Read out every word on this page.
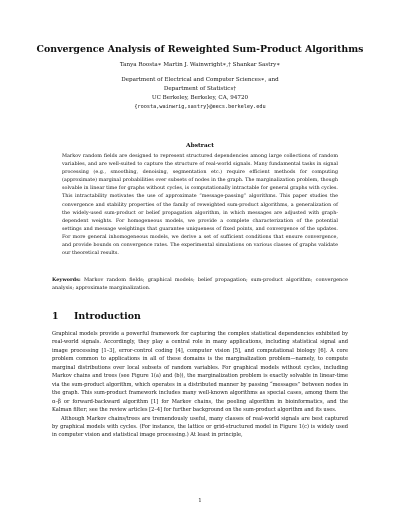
Convergence Analysis of Reweighted Sum-Product Algorithms
Tanya Roosta∗ Martin J. Wainwright∗,† Shankar Sastry∗
Department of Electrical and Computer Sciences∗, and
Department of Statistics†
UC Berkeley, Berkeley, CA, 94720
{roosta,wainwrig,sastry}@eecs.berkeley.edu
Abstract
Markov random fields are designed to represent structured dependencies among large collections of random variables, and are well-suited to capture the structure of real-world signals. Many fundamental tasks in signal processing (e.g., smoothing, denoising, segmentation etc.) require efficient methods for computing (approximate) marginal probabilities over subsets of nodes in the graph. The marginalization problem, though solvable in linear time for graphs without cycles, is computationally intractable for general graphs with cycles. This intractability motivates the use of approximate “message-passing” algorithms. This paper studies the convergence and stability properties of the family of reweighted sum-product algorithms, a generalization of the widely-used sum-product or belief propagation algorithm, in which messages are adjusted with graph-dependent weights. For homogeneous models, we provide a complete characterization of the potential settings and message weightings that guarantee uniqueness of fixed points, and convergence of the updates. For more general inhomogeneous models, we derive a set of sufficient conditions that ensure convergence, and provide bounds on convergence rates. The experimental simulations on various classes of graphs validate our theoretical results.
Keywords: Markov random fields; graphical models; belief propagation; sum-product algorithm; convergence analysis; approximate marginalization.
1 Introduction

Graphical models provide a powerful framework for capturing the complex statistical dependencies exhibited by real-world signals. Accordingly, they play a central role in many applications, including statistical signal and image processing [1–3], error-control coding [4], computer vision [5], and computational biology [6]. A core problem common to applications in all of these domains is the marginalization problem—namely, to compute marginal distributions over local subsets of random variables. For graphical models without cycles, including Markov chains and trees (see Figure 1(a) and (b)), the marginalization problem is exactly solvable in linear-time via the sum-product algorithm, which operates in a distributed manner by passing “messages” between nodes in the graph. This sum-product framework includes many well-known algorithms as special cases, among them the α–β or forward-backward algorithm [1] for Markov chains, the peeling algorithm in bioinformatics, and the Kalman filter; see the review articles [2–4] for further background on the sum-product algorithm and its uses.

Although Markov chains/trees are tremendously useful, many classes of real-world signals are best captured by graphical models with cycles. (For instance, the lattice or grid-structured model in Figure 1(c) is widely used in computer vision and statistical image processing.) At least in principle,

1
